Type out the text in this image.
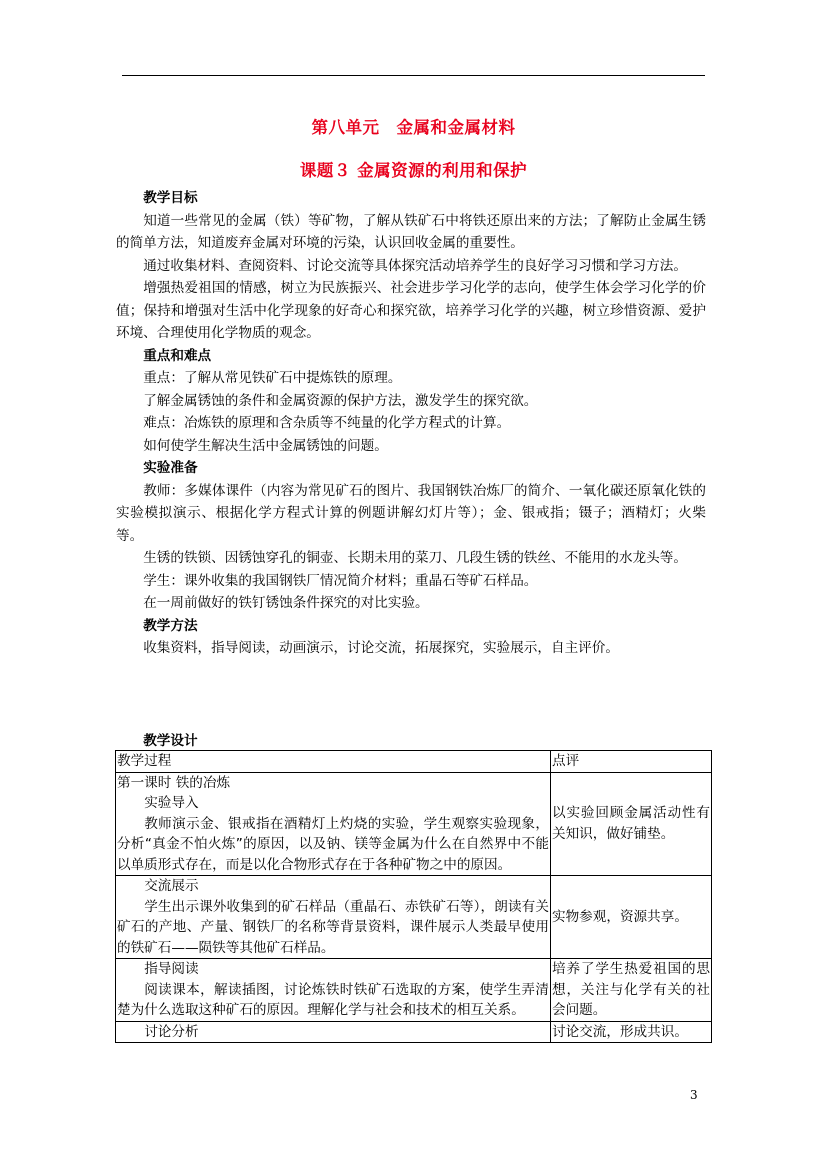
第八单元　金属和金属材料
课题３ 金属资源的利用和保护

教学目标

知道一些常见的金属（铁）等矿物，了解从铁矿石中将铁还原出来的方法；了解防止金属生锈的简单方法，知道废弃金属对环境的污染，认识回收金属的重要性。

通过收集材料、查阅资料、讨论交流等具体探究活动培养学生的良好学习习惯和学习方法。

增强热爱祖国的情感，树立为民族振兴、社会进步学习化学的志向，使学生体会学习化学的价值；保持和增强对生活中化学现象的好奇心和探究欲，培养学习化学的兴趣，树立珍惜资源、爱护环境、合理使用化学物质的观念。

重点和难点

重点：了解从常见铁矿石中提炼铁的原理。

了解金属锈蚀的条件和金属资源的保护方法，激发学生的探究欲。

难点：冶炼铁的原理和含杂质等不纯量的化学方程式的计算。

如何使学生解决生活中金属锈蚀的问题。

实验准备

教师：多媒体课件（内容为常见矿石的图片、我国钢铁冶炼厂的简介、一氧化碳还原氧化铁的实验模拟演示、根据化学方程式计算的例题讲解幻灯片等）；金、银戒指；镊子；酒精灯；火柴等。

生锈的铁锁、因锈蚀穿孔的铜壶、长期未用的菜刀、几段生锈的铁丝、不能用的水龙头等。

学生：课外收集的我国钢铁厂情况简介材料；重晶石等矿石样品。

在一周前做好的铁钉锈蚀条件探究的对比实验。

教学方法

收集资料，指导阅读，动画演示，讨论交流，拓展探究，实验展示，自主评价。

教学设计
教学过程	点评

第一课时 铁的冶炼

实验导入

教师演示金、银戒指在酒精灯上灼烧的实验，学生观察实验现象，分析“真金不怕火炼”的原因，以及钠、镁等金属为什么在自然界中不能以单质形式存在，而是以化合物形式存在于各种矿物之中的原因。	以实验回顾金属活动性有关知识，做好铺垫。

交流展示

学生出示课外收集到的矿石样品（重晶石、赤铁矿石等），朗读有关矿石的产地、产量、钢铁厂的名称等背景资料，课件展示人类最早使用的铁矿石——陨铁等其他矿石样品。	实物参观，资源共享。

指导阅读

阅读课本，解读插图，讨论炼铁时铁矿石选取的方案，使学生弄清楚为什么选取这种矿石的原因。理解化学与社会和技术的相互关系。	培养了学生热爱祖国的思想，关注与化学有关的社会问题。

讨论分析	讨论交流，形成共识。

3
